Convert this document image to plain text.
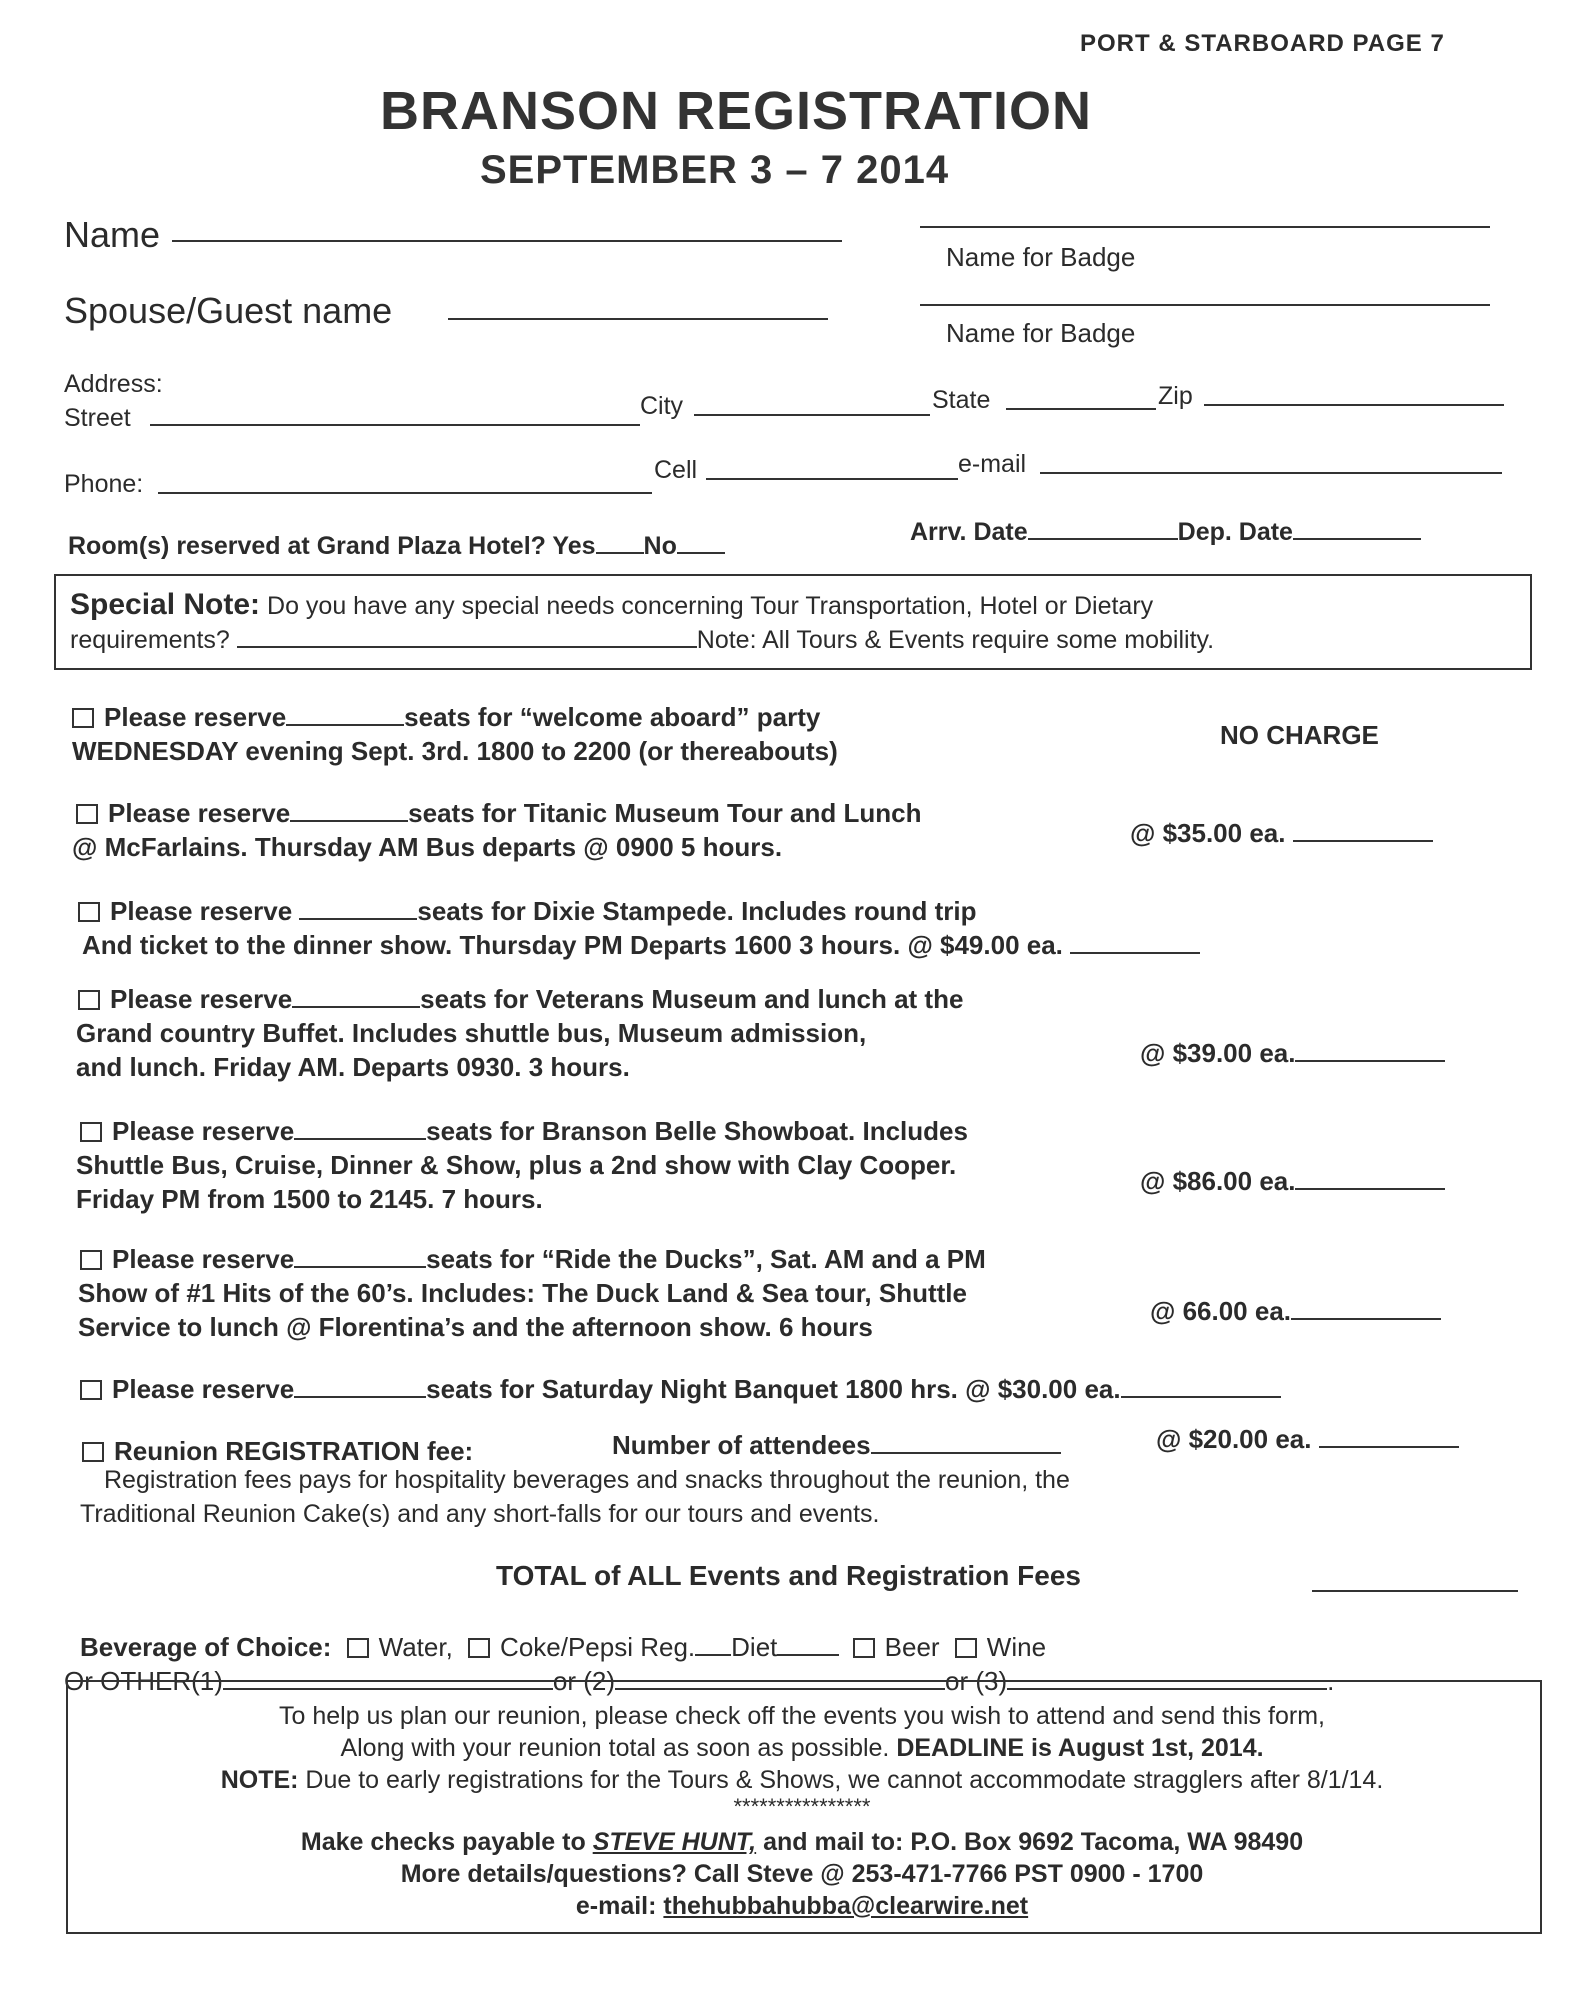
PORT & STARBOARD PAGE 7
BRANSON REGISTRATION
SEPTEMBER 3 – 7 2014
Name
Name for Badge
Spouse/Guest name
Name for Badge
Address:
Street	City	State	Zip
Phone:	Cell	e-mail
Room(s) reserved at Grand Plaza Hotel? Yes No	Arrv. Date	Dep. Date
Special Note: Do you have any special needs concerning Tour Transportation, Hotel or Dietary
requirements?	Note: All Tours & Events require some mobility.
Please reserve	seats for “welcome aboard” party
WEDNESDAY evening Sept. 3rd. 1800 to 2200 (or thereabouts)
NO CHARGE
Please reserve	seats for Titanic Museum Tour and Lunch
@ McFarlains. Thursday AM Bus departs @ 0900 5 hours.	@ $35.00 ea.
Please reserve	seats for Dixie Stampede. Includes round trip
And ticket to the dinner show. Thursday PM Departs 1600 3 hours. @ $49.00 ea.
Please reserve	seats for Veterans Museum and lunch at the
Grand country Buffet. Includes shuttle bus, Museum admission,
and lunch. Friday AM. Departs 0930. 3 hours.	@ $39.00 ea.
Please reserve	seats for Branson Belle Showboat. Includes
Shuttle Bus, Cruise, Dinner & Show, plus a 2nd show with Clay Cooper.
Friday PM from 1500 to 2145. 7 hours.
@ $86.00 ea.
Please reserve	seats for “Ride the Ducks”, Sat. AM and a PM
Show of #1 Hits of the 60’s. Includes: The Duck Land & Sea tour, Shuttle
Service to lunch @ Florentina’s and the afternoon show. 6 hours
@ 66.00 ea.
Please reserve	seats for Saturday Night Banquet 1800 hrs. @ $30.00 ea.
Reunion REGISTRATION fee:	Number of attendees	@ $20.00 ea.
Registration fees pays for hospitality beverages and snacks throughout the reunion, the
Traditional Reunion Cake(s) and any short-falls for our tours and events.
TOTAL of ALL Events and Registration Fees
Beverage of Choice: Water, Coke/Pepsi Reg. Diet	Beer Wine
Or OTHER(1)	or (2)	or (3)	.
To help us plan our reunion, please check off the events you wish to attend and send this form,
Along with your reunion total as soon as possible. DEADLINE is August 1st, 2014.
NOTE: Due to early registrations for the Tours & Shows, we cannot accommodate stragglers after 8/1/14.
****************
Make checks payable to STEVE HUNT, and mail to: P.O. Box 9692 Tacoma, WA 98490
More details/questions? Call Steve @ 253-471-7766 PST 0900 - 1700
e-mail: thehubbahubba@clearwire.net
